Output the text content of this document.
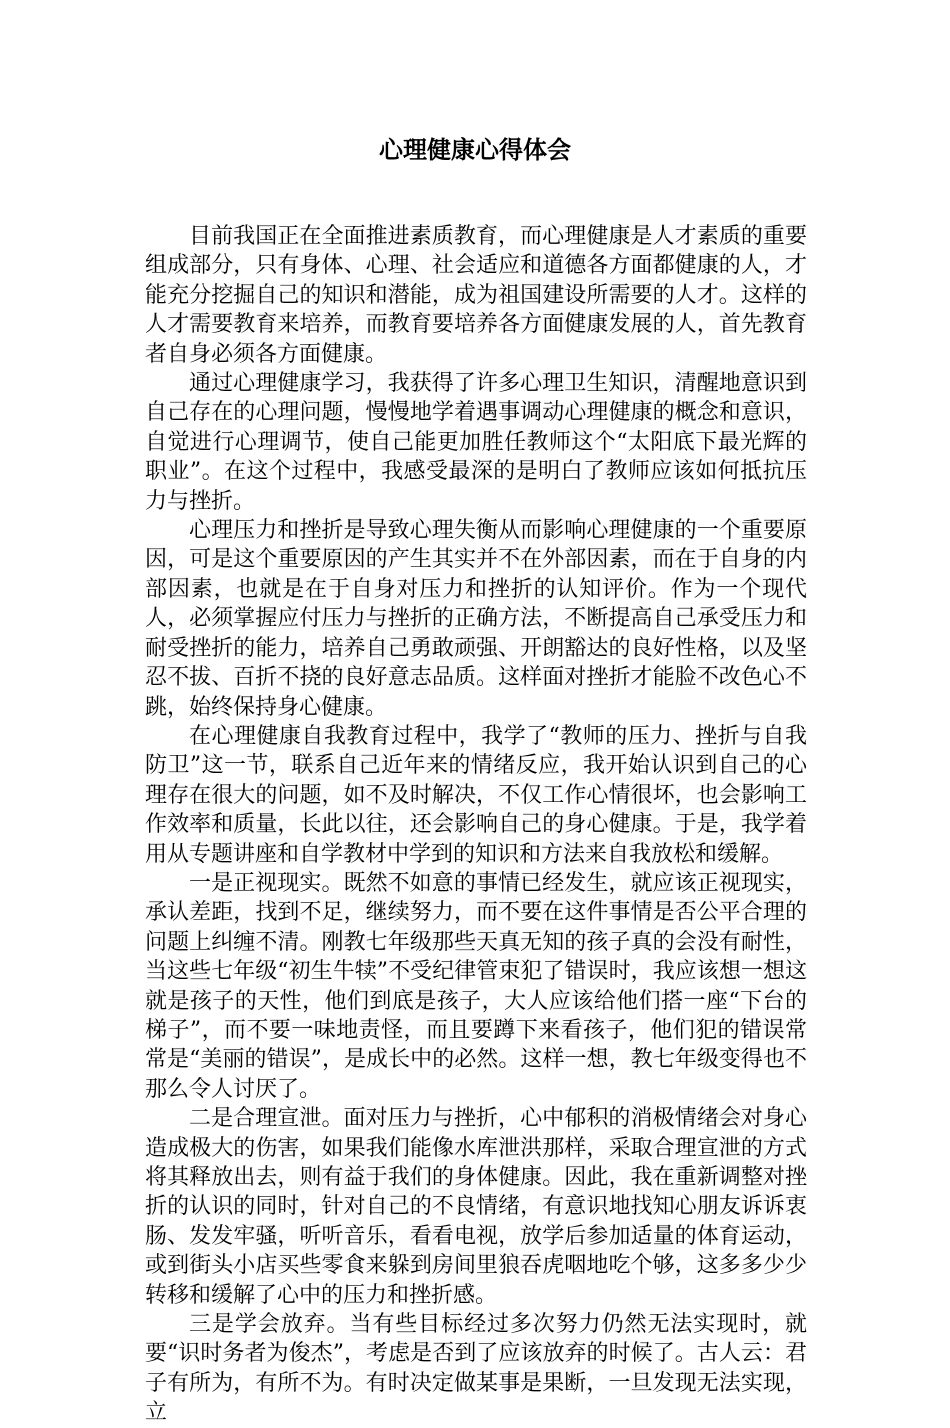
心理健康心得体会

目前我国正在全面推进素质教育，而心理健康是人才素质的重要组成部分，只有身体、心理、社会适应和道德各方面都健康的人，才能充分挖掘自己的知识和潜能，成为祖国建设所需要的人才。这样的人才需要教育来培养，而教育要培养各方面健康发展的人，首先教育者自身必须各方面健康。

通过心理健康学习，我获得了许多心理卫生知识，清醒地意识到自己存在的心理问题，慢慢地学着遇事调动心理健康的概念和意识，自觉进行心理调节，使自己能更加胜任教师这个“太阳底下最光辉的职业”。在这个过程中，我感受最深的是明白了教师应该如何抵抗压力与挫折。

心理压力和挫折是导致心理失衡从而影响心理健康的一个重要原因，可是这个重要原因的产生其实并不在外部因素，而在于自身的内部因素，也就是在于自身对压力和挫折的认知评价。作为一个现代人，必须掌握应付压力与挫折的正确方法，不断提高自己承受压力和耐受挫折的能力，培养自己勇敢顽强、开朗豁达的良好性格，以及坚忍不拔、百折不挠的良好意志品质。这样面对挫折才能脸不改色心不跳，始终保持身心健康。

在心理健康自我教育过程中，我学了“教师的压力、挫折与自我防卫”这一节，联系自己近年来的情绪反应，我开始认识到自己的心理存在很大的问题，如不及时解决，不仅工作心情很坏，也会影响工作效率和质量，长此以往，还会影响自己的身心健康。于是，我学着用从专题讲座和自学教材中学到的知识和方法来自我放松和缓解。

一是正视现实。既然不如意的事情已经发生，就应该正视现实，承认差距，找到不足，继续努力，而不要在这件事情是否公平合理的问题上纠缠不清。刚教七年级那些天真无知的孩子真的会没有耐性，当这些七年级“初生牛犊”不受纪律管束犯了错误时，我应该想一想这就是孩子的天性，他们到底是孩子，大人应该给他们搭一座“下台的梯子”，而不要一味地责怪，而且要蹲下来看孩子，他们犯的错误常常是“美丽的错误”，是成长中的必然。这样一想，教七年级变得也不那么令人讨厌了。

二是合理宣泄。面对压力与挫折，心中郁积的消极情绪会对身心造成极大的伤害，如果我们能像水库泄洪那样，采取合理宣泄的方式将其释放出去，则有益于我们的身体健康。因此，我在重新调整对挫折的认识的同时，针对自己的不良情绪，有意识地找知心朋友诉诉衷肠、发发牢骚，听听音乐，看看电视，放学后参加适量的体育运动，或到街头小店买些零食来躲到房间里狼吞虎咽地吃个够，这多多少少转移和缓解了心中的压力和挫折感。

三是学会放弃。当有些目标经过多次努力仍然无法实现时，就要“识时务者为俊杰”，考虑是否到了应该放弃的时候了。古人云：君子有所为，有所不为。有时决定做某事是果断，一旦发现无法实现，立
